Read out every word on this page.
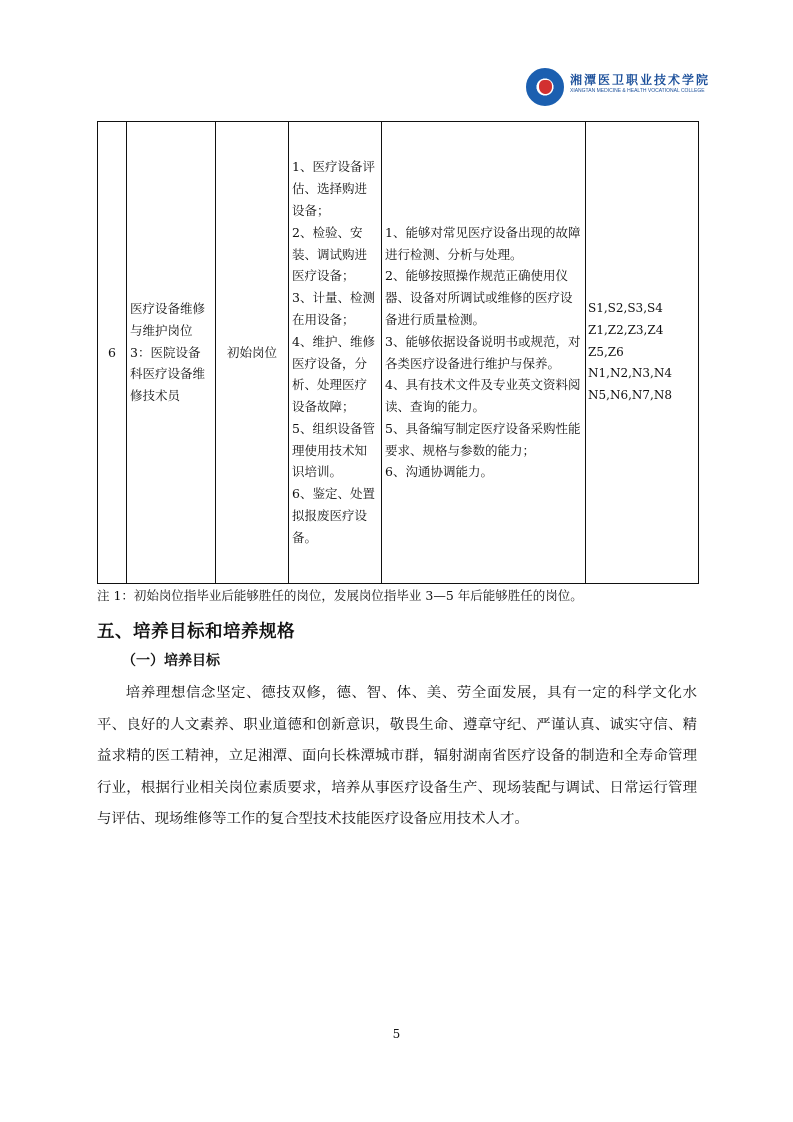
湘潭医卫职业技术学院
XIANGTAN MEDICINE & HEALTH VOCATIONAL COLLEGE
6	医疗设备维修与维护岗位3：医院设备科医疗设备维修技术员	初始岗位	1、医疗设备评估、选择购进设备；
2、检验、安装、调试购进医疗设备；
3、计量、检测在用设备；
4、维护、维修医疗设备，分析、处理医疗设备故障；
5、组织设备管理使用技术知识培训。
6、鉴定、处置拟报废医疗设备。	1、能够对常见医疗设备出现的故障进行检测、分析与处理。
2、能够按照操作规范正确使用仪器、设备对所调试或维修的医疗设备进行质量检测。
3、能够依据设备说明书或规范，对各类医疗设备进行维护与保养。
4、具有技术文件及专业英文资料阅读、查询的能力。
5、具备编写制定医疗设备采购性能要求、规格与参数的能力；
6、沟通协调能力。	S1,S2,S3,S4
Z1,Z2,Z3,Z4
Z5,Z6
N1,N2,N3,N4
N5,N6,N7,N8
注 1：初始岗位指毕业后能够胜任的岗位，发展岗位指毕业 3—5 年后能够胜任的岗位。
五、培养目标和培养规格
（一）培养目标
培养理想信念坚定、德技双修，德、智、体、美、劳全面发展，具有一定的科学文化水平、良好的人文素养、职业道德和创新意识，敬畏生命、遵章守纪、严谨认真、诚实守信、精益求精的医工精神，立足湘潭、面向长株潭城市群，辐射湖南省医疗设备的制造和全寿命管理行业，根据行业相关岗位素质要求，培养从事医疗设备生产、现场装配与调试、日常运行管理与评估、现场维修等工作的复合型技术技能医疗设备应用技术人才。
5
